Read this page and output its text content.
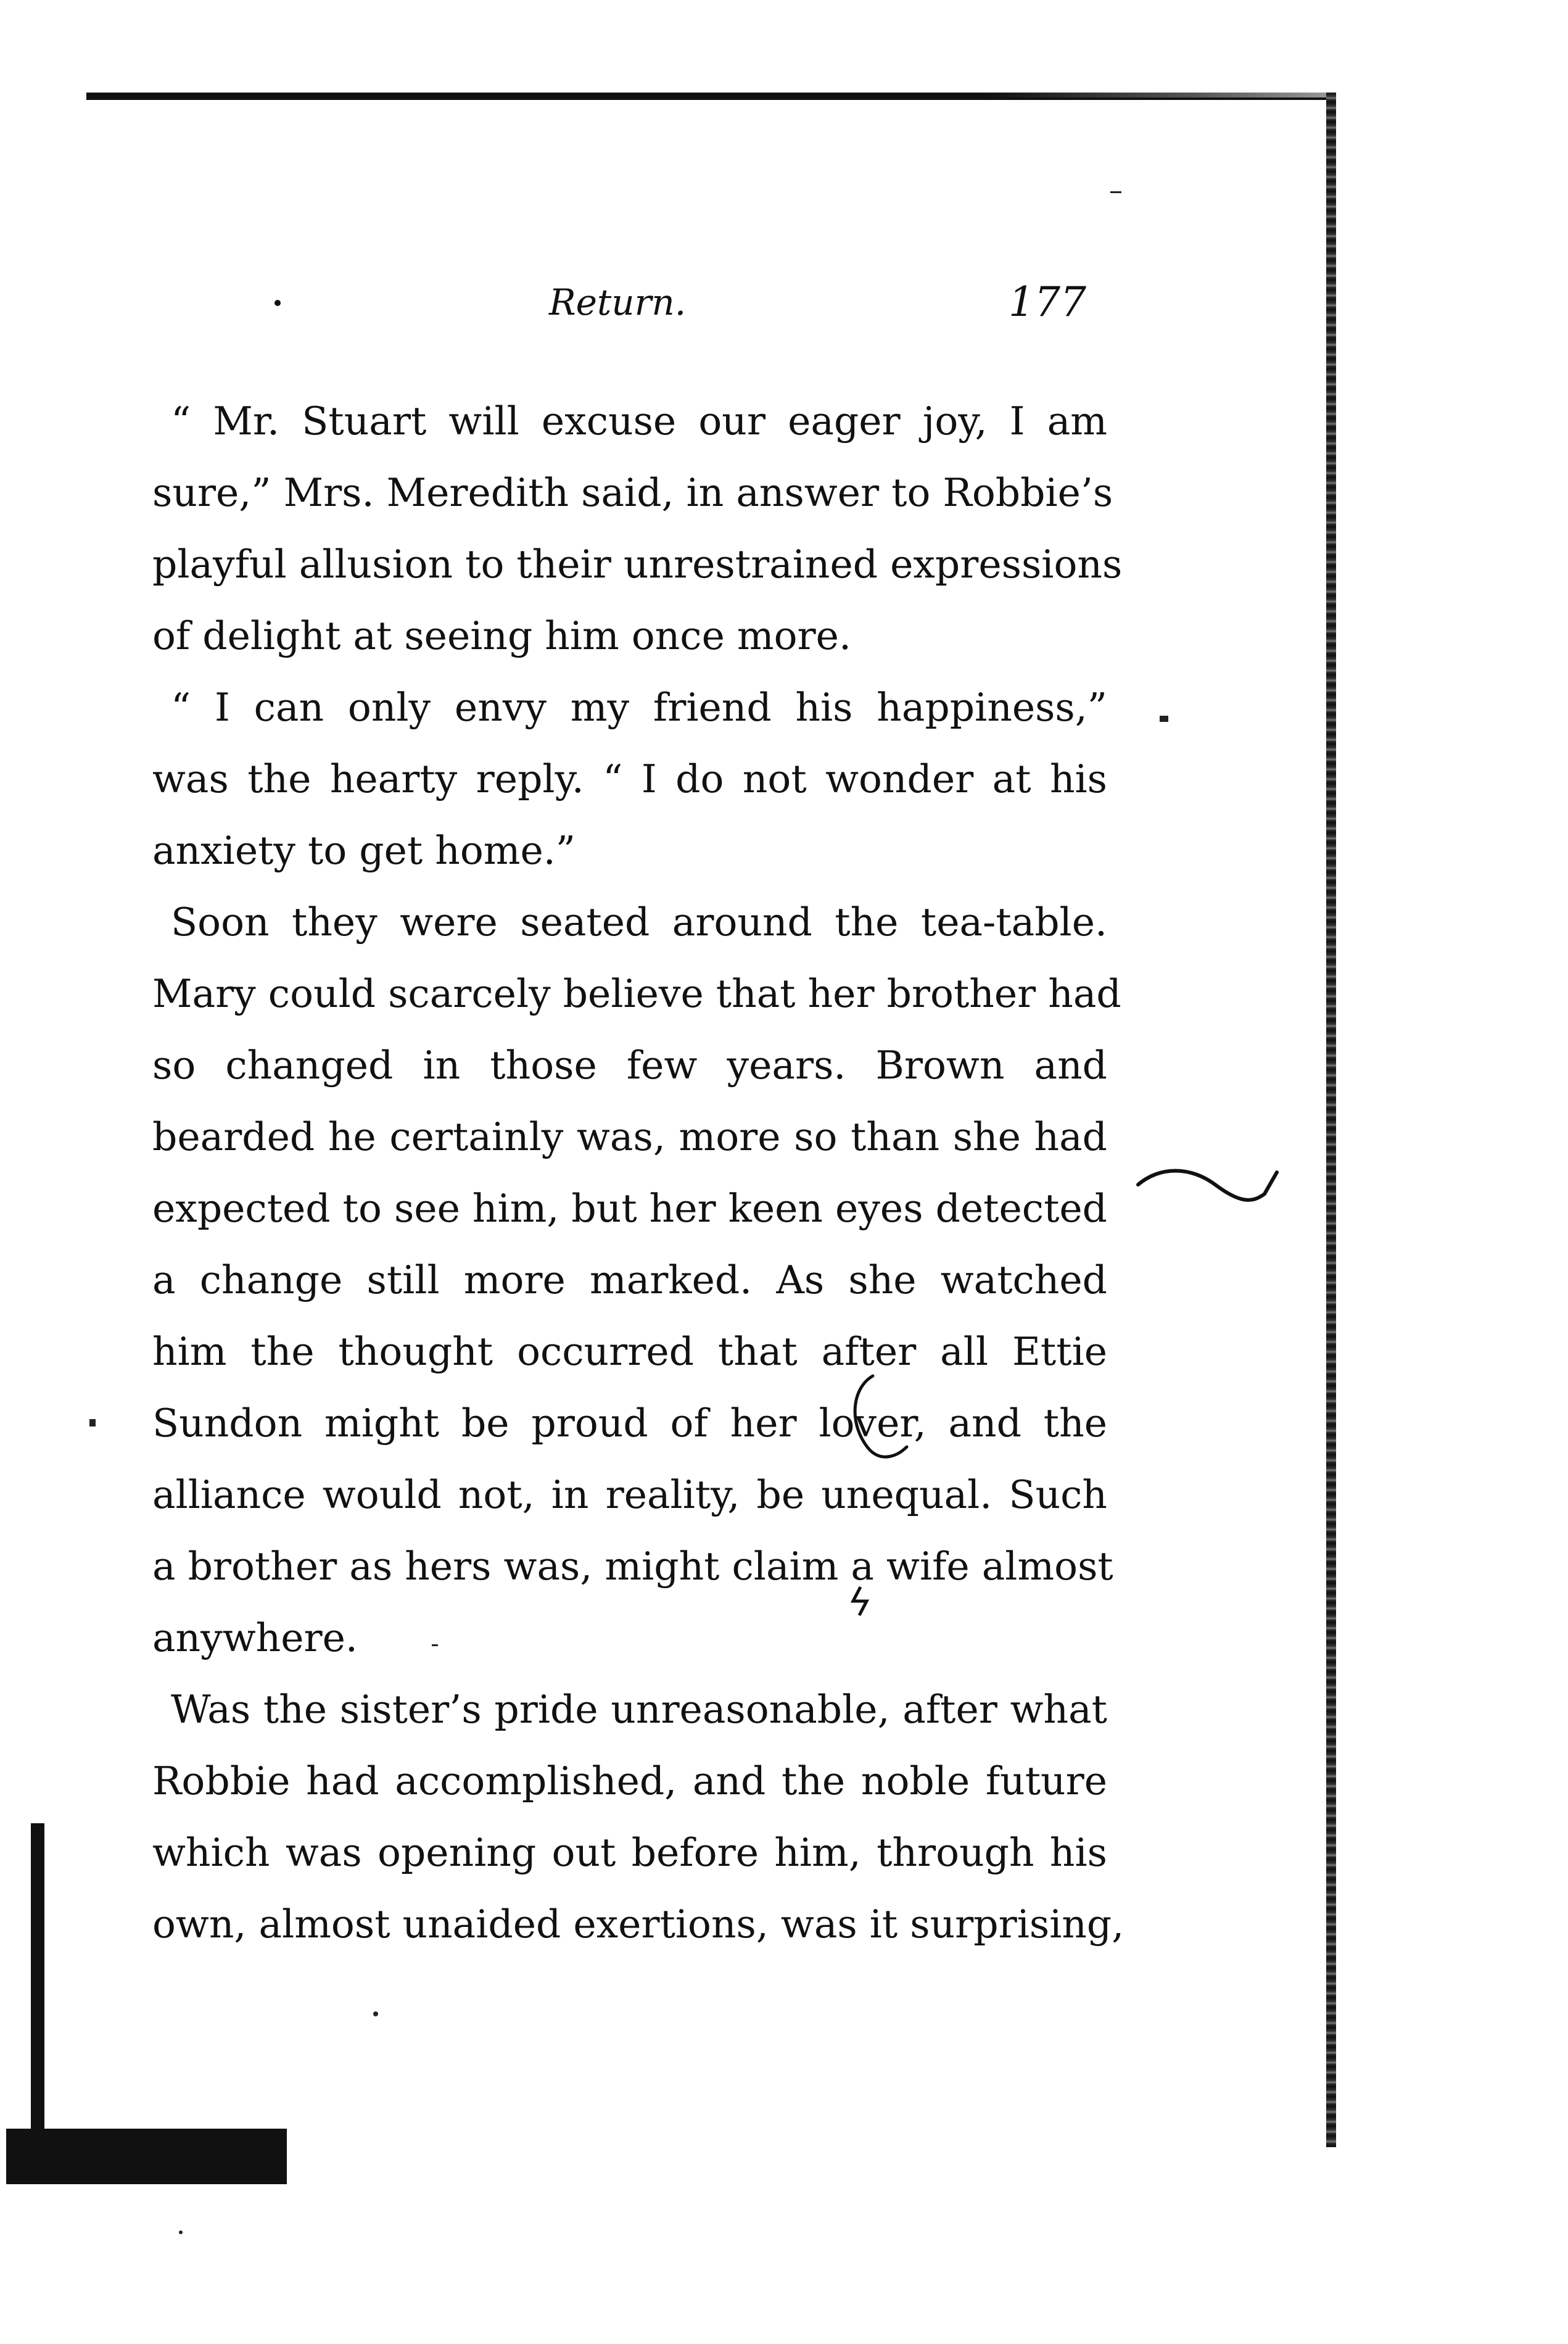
Return.	177
“ Mr. Stuart will excuse our eager joy, I am
sure,” Mrs. Meredith said, in answer to Robbie’s
playful allusion to their unrestrained expressions
of delight at seeing him once more.
“ I can only envy my friend his happiness,”
was the hearty reply. “ I do not wonder at his
anxiety to get home.”
Soon they were seated around the tea-table.
Mary could scarcely believe that her brother had
so changed in those few years. Brown and
bearded he certainly was, more so than she had
expected to see him, but her keen eyes detected
a change still more marked. As she watched
him the thought occurred that after all Ettie
Sundon might be proud of her lover, and the
alliance would not, in reality, be unequal. Such
a brother as hers was, might claim a wife almost
anywhere.
Was the sister’s pride unreasonable, after what
Robbie had accomplished, and the noble future
which was opening out before him, through his
own, almost unaided exertions, was it surprising,
